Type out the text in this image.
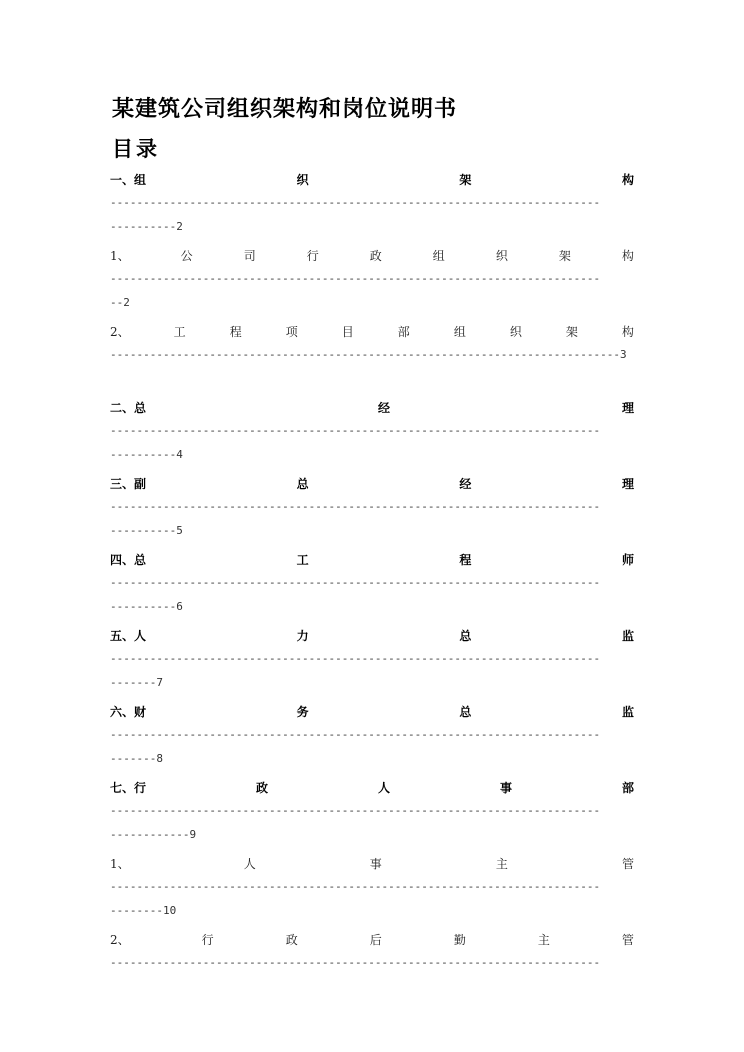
某建筑公司组织架构和岗位说明书
目录
一、组	织	架	构
--------------------------------------------------------------------------
----------2
1、	公	司	行	政	组	织	架	构
--------------------------------------------------------------------------
--2
2、	工	程	项	目	部	组	织	架	构
-----------------------------------------------------------------------------3
二、总	经	理
--------------------------------------------------------------------------
----------4
三、副	总	经	理
--------------------------------------------------------------------------
----------5
四、总	工	程	师
--------------------------------------------------------------------------
----------6
五、人	力	总	监
--------------------------------------------------------------------------
-------7
六、财	务	总	监
--------------------------------------------------------------------------
-------8
七、行	政	人	事	部
--------------------------------------------------------------------------
------------9
1、	人	事	主	管
--------------------------------------------------------------------------
--------10
2、	行	政	后	勤	主	管
--------------------------------------------------------------------------
